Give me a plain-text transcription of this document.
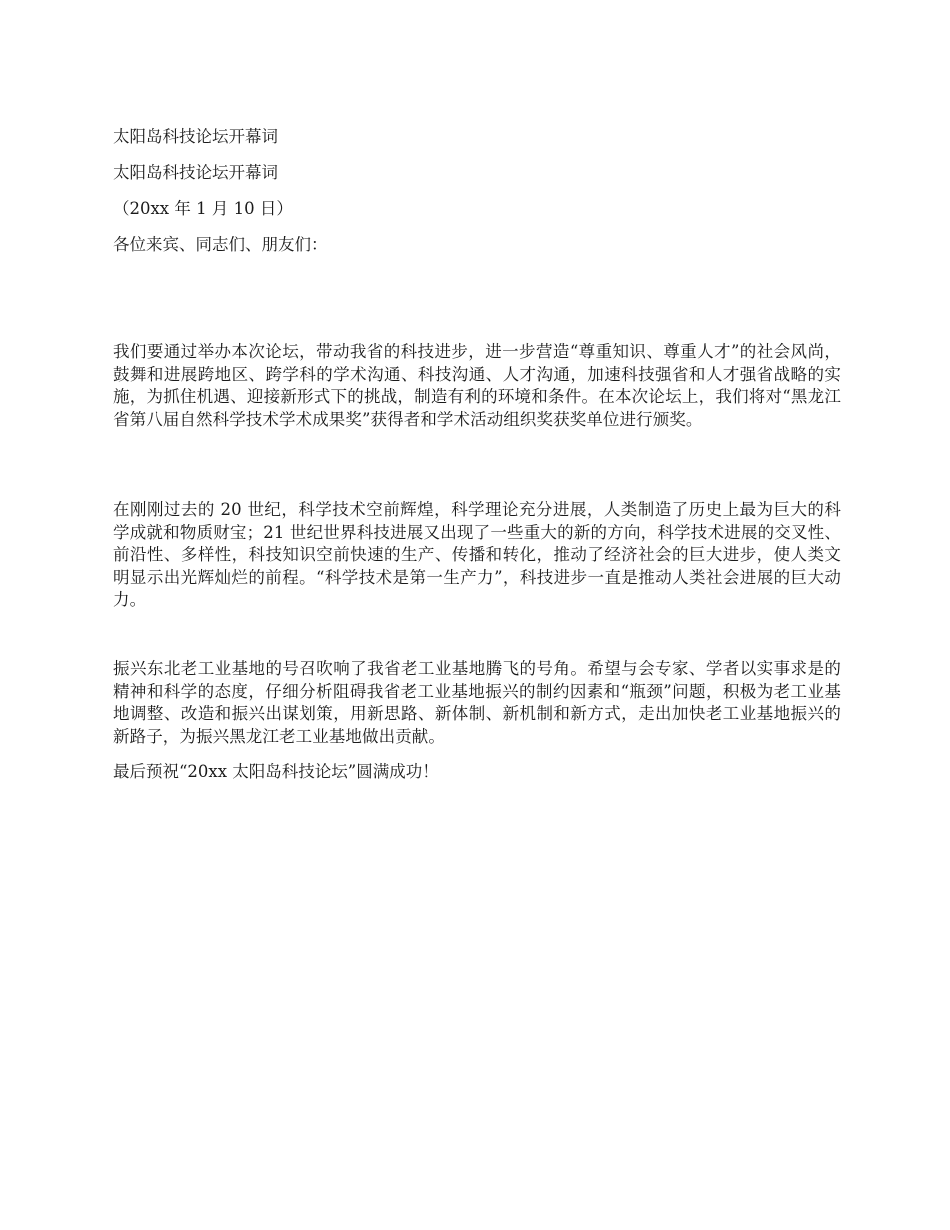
太阳岛科技论坛开幕词
太阳岛科技论坛开幕词
（20xx 年 1 月 10 日）
各位来宾、同志们、朋友们：
我们要通过举办本次论坛，带动我省的科技进步，进一步营造“尊重知识、尊重人才”的社会风尚，鼓舞和进展跨地区、跨学科的学术沟通、科技沟通、人才沟通，加速科技强省和人才强省战略的实施，为抓住机遇、迎接新形式下的挑战，制造有利的环境和条件。在本次论坛上，我们将对“黑龙江省第八届自然科学技术学术成果奖”获得者和学术活动组织奖获奖单位进行颁奖。
在刚刚过去的 20 世纪，科学技术空前辉煌，科学理论充分进展，人类制造了历史上最为巨大的科学成就和物质财宝；21 世纪世界科技进展又出现了一些重大的新的方向，科学技术进展的交叉性、前沿性、多样性，科技知识空前快速的生产、传播和转化，推动了经济社会的巨大进步，使人类文明显示出光辉灿烂的前程。“科学技术是第一生产力”，科技进步一直是推动人类社会进展的巨大动力。
振兴东北老工业基地的号召吹响了我省老工业基地腾飞的号角。希望与会专家、学者以实事求是的精神和科学的态度，仔细分析阻碍我省老工业基地振兴的制约因素和“瓶颈”问题，积极为老工业基地调整、改造和振兴出谋划策，用新思路、新体制、新机制和新方式，走出加快老工业基地振兴的新路子，为振兴黑龙江老工业基地做出贡献。
最后预祝“20xx 太阳岛科技论坛”圆满成功！
